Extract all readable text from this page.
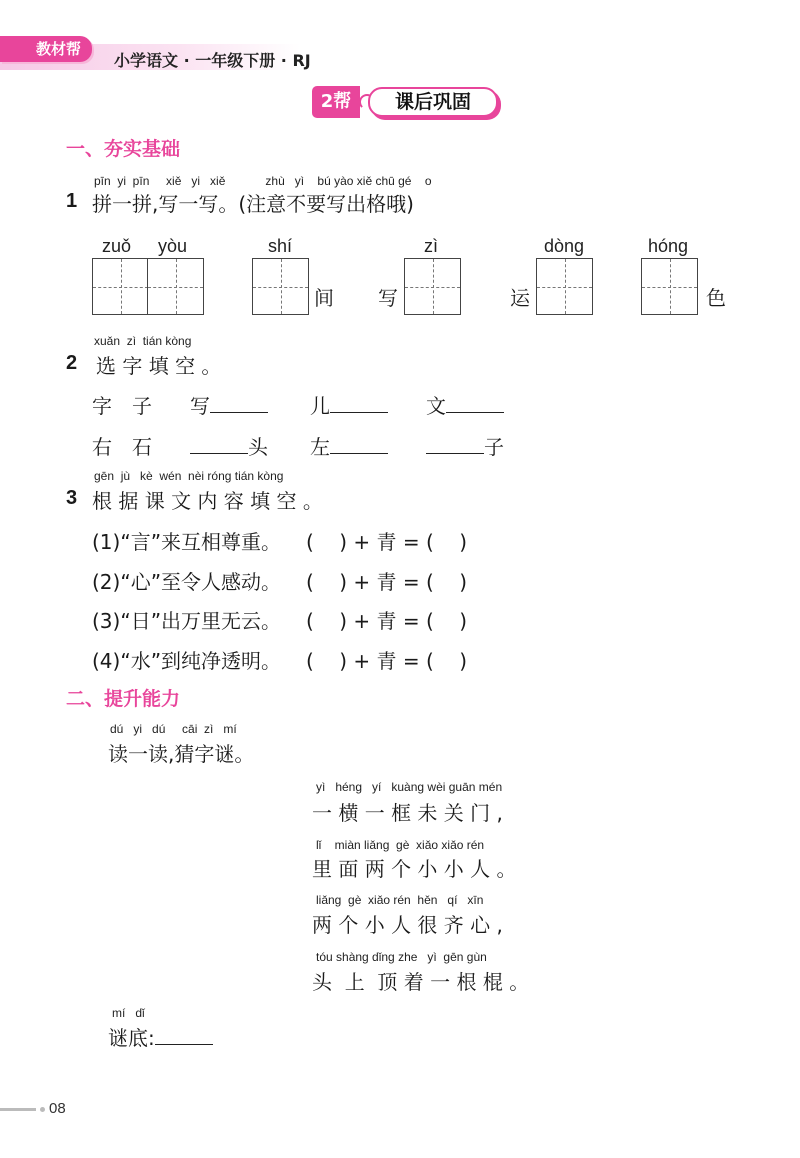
教材帮
小学语文 · 一年级下册 · RJ
2帮	课后巩固
一、夯实基础
pīn  yi  pīn     xiě   yi   xiě            zhù   yì    bú yào xiě chū gé    o
1 拼一拼,写一写。(注意不要写出格哦)
zuǒ yòu	shí
间 写
zì
运
dòng	hóng
色
xuǎn  zì  tián kòng
2 选 字 填 空 。
字　子 写	儿	文
右　石	头 左	子
gēn  jù   kè  wén  nèi róng tián kòng
3 根 据 课 文 内 容 填 空 。
(1)“言”来互相尊重。 (    ) + 青 = (    )
(2)“心”至令人感动。 (    ) + 青 = (    )
(3)“日”出万里无云。 (    ) + 青 = (    )
(4)“水”到纯净透明。 (    ) + 青 = (    )
二、提升能力
dú   yi   dú     cāi  zì   mí
读一读,猜字谜。
yì   héng   yí   kuàng wèi guān mén
一 横 一 框 未 关 门 ,
lǐ    miàn liǎng  gè  xiǎo xiǎo rén
里 面 两 个 小 小 人 。
liǎng  gè  xiǎo rén  hěn   qí   xīn
两 个 小 人 很 齐 心 ,
tóu shàng dǐng zhe   yì  gēn gùn
头  上  顶 着 一 根 棍 。
mí   dǐ
谜底:
08
